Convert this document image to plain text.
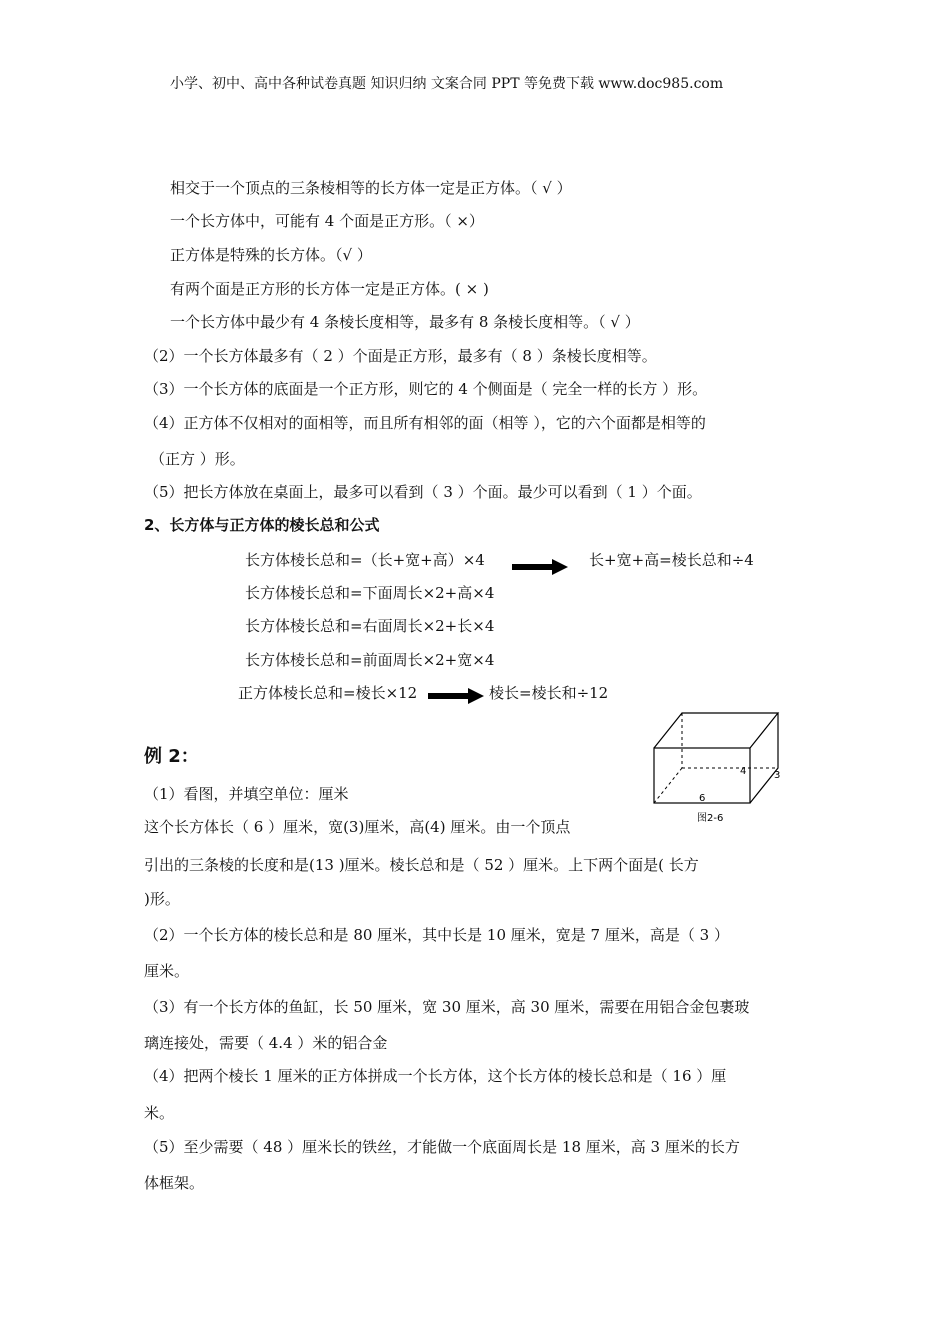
小学、初中、高中各种试卷真题 知识归纳 文案合同 PPT 等免费下载 www.doc985.com
相交于一个顶点的三条棱相等的长方体一定是正方体。（ √ ）
一个长方体中，可能有 4 个面是正方形。（ ×）
正方体是特殊的长方体。（√ ）
有两个面是正方形的长方体一定是正方体。( × )
一个长方体中最少有 4 条棱长度相等，最多有 8 条棱长度相等。（ √ ）
（2）一个长方体最多有（ 2 ）个面是正方形，最多有（ 8 ）条棱长度相等。
（3）一个长方体的底面是一个正方形，则它的 4 个侧面是（ 完全一样的长方 ）形。
（4）正方体不仅相对的面相等，而且所有相邻的面（相等 ），它的六个面都是相等的
（正方 ）形。
（5）把长方体放在桌面上，最多可以看到（ 3 ）个面。最少可以看到（ 1 ）个面。
2、长方体与正方体的棱长总和公式
长方体棱长总和=（长+宽+高）×4	长+宽+高=棱长总和÷4
长方体棱长总和=下面周长×2+高×4
长方体棱长总和=右面周长×2+长×4
长方体棱长总和=前面周长×2+宽×4
正方体棱长总和=棱长×12	棱长=棱长和÷12
例 2：
（1）看图，并填空单位：厘米
这个长方体长（ 6 ）厘米，宽(3)厘米，高(4) 厘米。由一个顶点
引出的三条棱的长度和是(13 )厘米。棱长总和是（ 52 ）厘米。上下两个面是( 长方
)形。
（2）一个长方体的棱长总和是 80 厘米，其中长是 10 厘米，宽是 7 厘米，高是（ 3 ）
厘米。
（3）有一个长方体的鱼缸，长 50 厘米，宽 30 厘米，高 30 厘米，需要在用铝合金包裹玻
璃连接处，需要（ 4.4 ）米的铝合金
（4）把两个棱长 1 厘米的正方体拼成一个长方体，这个长方体的棱长总和是（ 16 ）厘
米。
（5）至少需要（ 48 ）厘米长的铁丝，才能做一个底面周长是 18 厘米，高 3 厘米的长方
体框架。
4	3
6
图2-6
